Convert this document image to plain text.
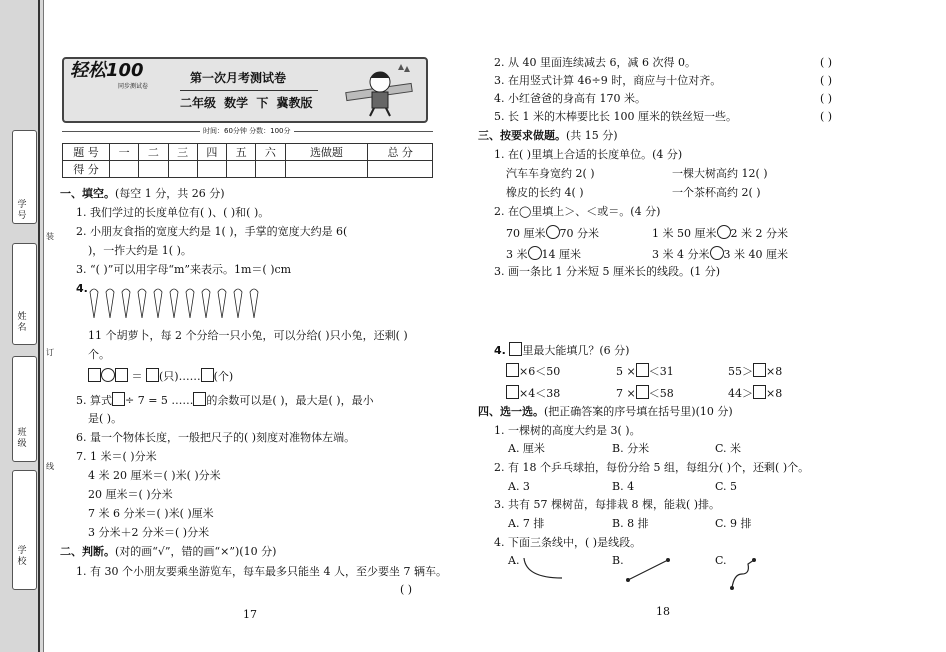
学 号
姓 名
班 级
学 校
装
订
线
轻松100
同步测试卷
第一次月考测试卷
二年级 数学 下 冀教版
时间：60分钟 分数：100分
题 号	一	二	三	四	五	六	选做题	总 分
得 分								
一、填空。(每空 1 分，共 26 分)
1. 我们学过的长度单位有( )、( )和( )。
2. 小朋友食指的宽度大约是 1( )，手掌的宽度大约是 6(
)，一拃大约是 1( )。
3. “( )”可以用字母“m”来表示。1m＝( )cm
4.
11 个胡萝卜，每 2 个分给一只小兔，可以分给( )只小兔，还剩( )
个。
＝ (只)…… (个)
5. 算式 ÷ 7 = 5 …… 的余数可以是( )，最大是( )，最小
是( )。
6. 量一个物体长度，一般把尺子的( )刻度对准物体左端。
7. 1 米＝( )分米
4 米 20 厘米＝( )米( )分米
20 厘米＝( )分米
7 米 6 分米＝( )米( )厘米
3 分米＋2 分米＝( )分米
二、判断。(对的画“√”，错的画“×”)(10 分)
1. 有 30 个小朋友要乘坐游览车，每车最多只能坐 4 人，至少要坐 7 辆车。
( )
17
2. 从 40 里面连续减去 6，减 6 次得 0。	( )
3. 在用竖式计算 46÷9 时，商应与十位对齐。	( )
4. 小红爸爸的身高有 170 米。	( )
5. 长 1 米的木棒要比长 100 厘米的铁丝短一些。	( )
三、按要求做题。(共 15 分)
1. 在( )里填上合适的长度单位。(4 分)
汽车车身宽约 2( )	一棵大树高约 12( )
橡皮的长约 4( )	一个茶杯高约 2( )
2. 在◯里填上＞、＜或＝。(4 分)
70 厘米 70 分米	1 米 50 厘米 2 米 2 分米
3 米 14 厘米	3 米 4 分米 3 米 40 厘米
3. 画一条比 1 分米短 5 厘米长的线段。(1 分)
4. 里最大能填几？(6 分)
×6＜50	5 × ＜31	55＞ ×8
×4＜38	7 × ＜58	44＞ ×8
四、选一选。(把正确答案的序号填在括号里)(10 分)
1. 一棵树的高度大约是 3( )。
A. 厘米	B. 分米	C. 米
2. 有 18 个乒乓球拍，每份分给 5 组，每组分( )个，还剩( )个。
A. 3	B. 4	C. 5
3. 共有 57 棵树苗，每排栽 8 棵，能栽( )排。
A. 7 排	B. 8 排	C. 9 排
4. 下面三条线中，( )是线段。
A.	B.	C.
18
